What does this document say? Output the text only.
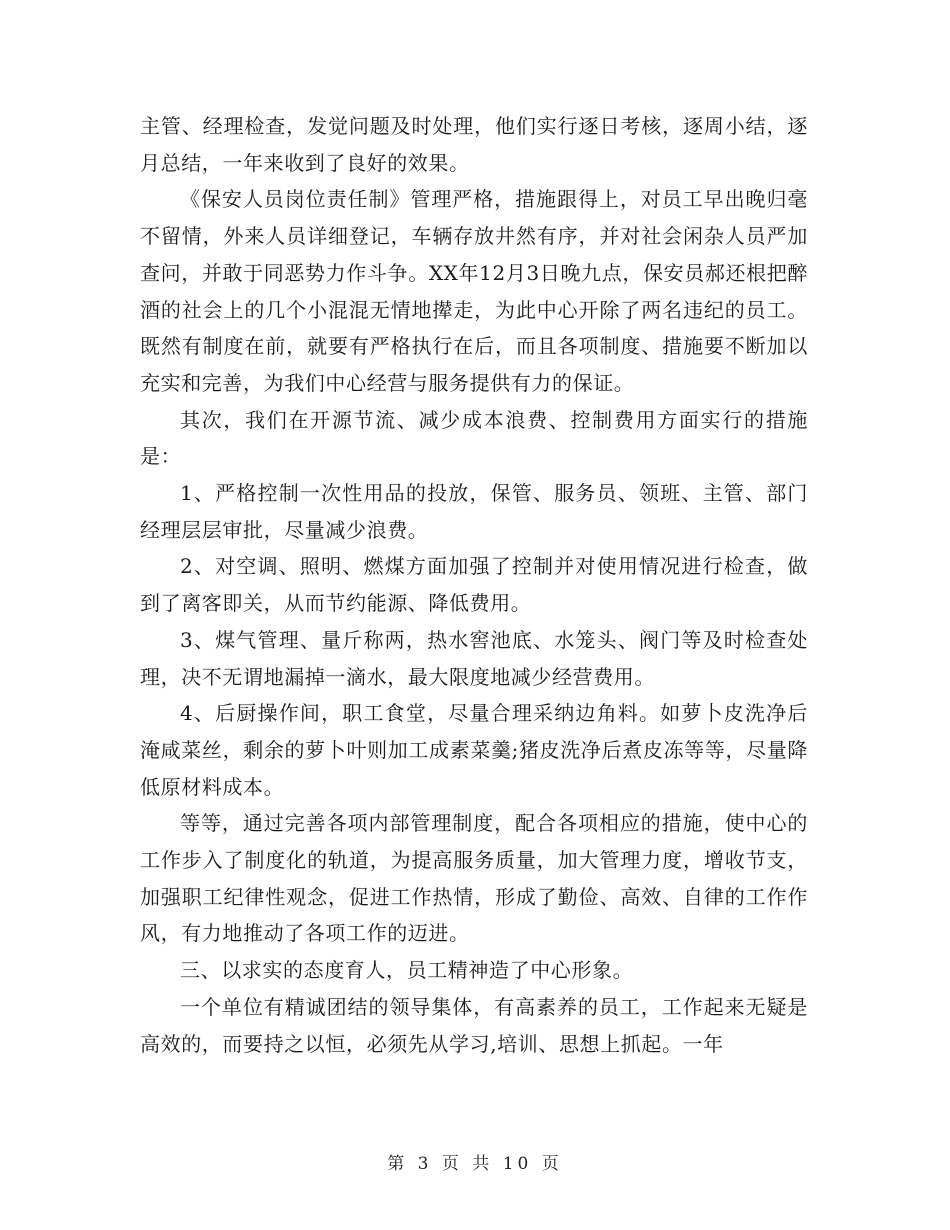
主管、经理检查，发觉问题及时处理，他们实行逐日考核，逐周小结，逐月总结，一年来收到了良好的效果。

《保安人员岗位责任制》管理严格，措施跟得上，对员工早出晚归毫不留情，外来人员详细登记，车辆存放井然有序，并对社会闲杂人员严加查问，并敢于同恶势力作斗争。XX年12月3日晚九点，保安员郝还根把醉酒的社会上的几个小混混无情地撵走，为此中心开除了两名违纪的员工。既然有制度在前，就要有严格执行在后，而且各项制度、措施要不断加以充实和完善，为我们中心经营与服务提供有力的保证。

其次，我们在开源节流、减少成本浪费、控制费用方面实行的措施是：

1、严格控制一次性用品的投放，保管、服务员、领班、主管、部门经理层层审批，尽量减少浪费。

2、对空调、照明、燃煤方面加强了控制并对使用情况进行检查，做到了离客即关，从而节约能源、降低费用。

3、煤气管理、量斤称两，热水窖池底、水笼头、阀门等及时检查处理，决不无谓地漏掉一滴水，最大限度地减少经营费用。

4、后厨操作间，职工食堂，尽量合理采纳边角料。如萝卜皮洗净后淹咸菜丝，剩余的萝卜叶则加工成素菜羹;猪皮洗净后煮皮冻等等，尽量降低原材料成本。

等等，通过完善各项内部管理制度，配合各项相应的措施，使中心的工作步入了制度化的轨道，为提高服务质量，加大管理力度，增收节支，加强职工纪律性观念，促进工作热情，形成了勤俭、高效、自律的工作作风，有力地推动了各项工作的迈进。

三、以求实的态度育人，员工精神造了中心形象。

一个单位有精诚团结的领导集体，有高素养的员工，工作起来无疑是高效的，而要持之以恒，必须先从学习,培训、思想上抓起。一年

第 3 页 共 10 页
